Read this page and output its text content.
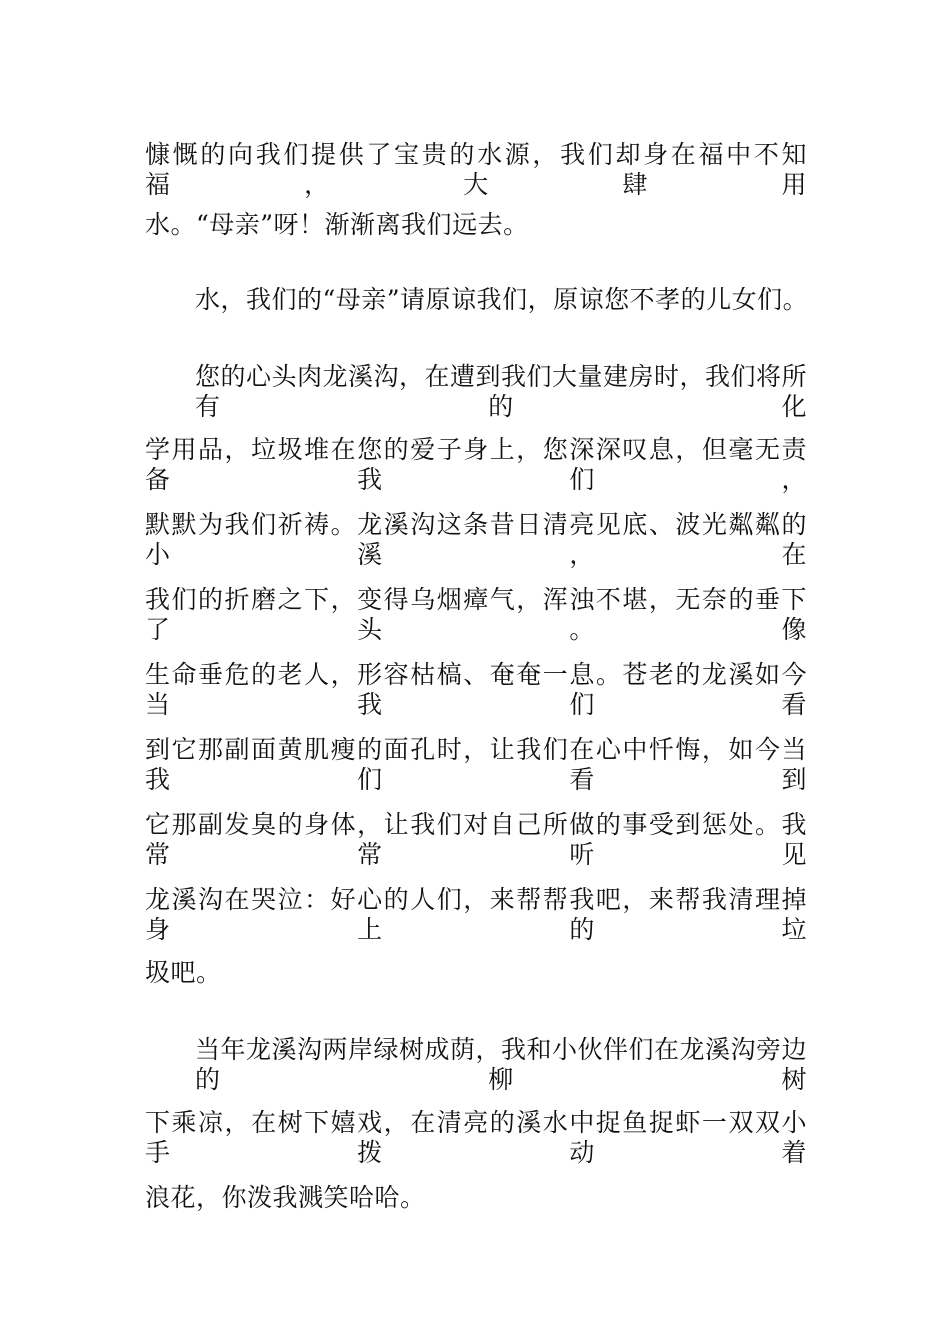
慷慨的向我们提供了宝贵的水源，我们却身在福中不知福，大肆用
水。“母亲”呀！渐渐离我们远去。
水，我们的“母亲”请原谅我们，原谅您不孝的儿女们。
您的心头肉龙溪沟，在遭到我们大量建房时，我们将所有的化
学用品，垃圾堆在您的爱子身上，您深深叹息，但毫无责备我们，
默默为我们祈祷。龙溪沟这条昔日清亮见底、波光粼粼的小溪，在
我们的折磨之下，变得乌烟瘴气，浑浊不堪，无奈的垂下了头。像
生命垂危的老人，形容枯槁、奄奄一息。苍老的龙溪如今当我们看
到它那副面黄肌瘦的面孔时，让我们在心中忏悔，如今当我们看到
它那副发臭的身体，让我们对自己所做的事受到惩处。我常常听见
龙溪沟在哭泣：好心的人们，来帮帮我吧，来帮我清理掉身上的垃
圾吧。
当年龙溪沟两岸绿树成荫，我和小伙伴们在龙溪沟旁边的柳树
下乘凉，在树下嬉戏，在清亮的溪水中捉鱼捉虾一双双小手拨动着
浪花，你泼我溅笑哈哈。
